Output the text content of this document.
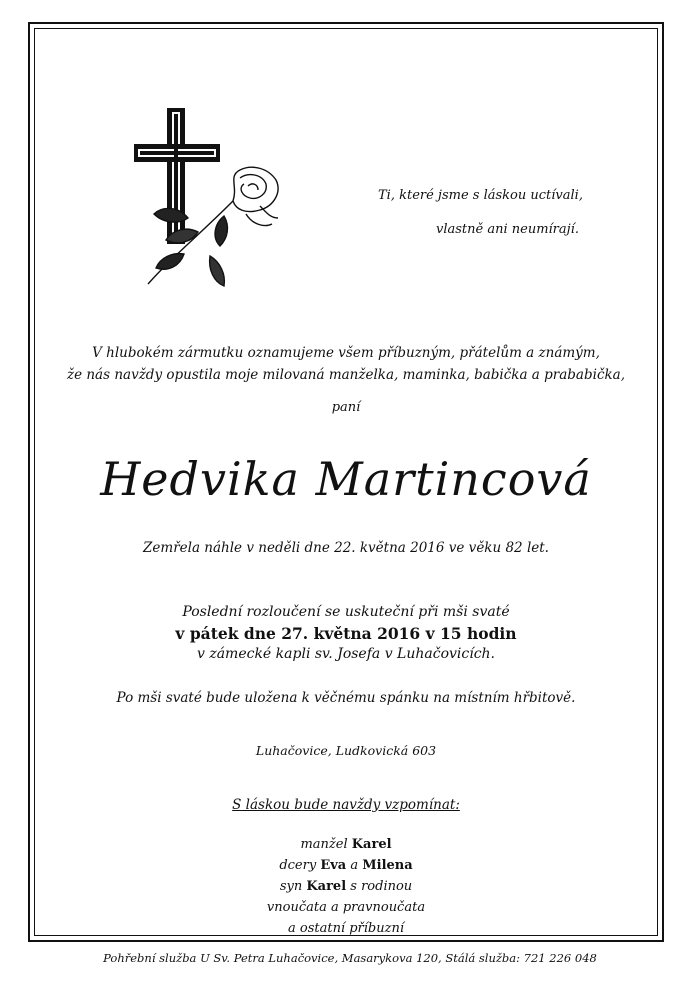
Ti, které jsme s láskou uctívali,
vlastně ani neumírají.
V hlubokém zármutku oznamujeme všem příbuzným, přátelům a známým,
že nás navždy opustila moje milovaná manželka, maminka, babička a prababička,
paní
Hedvika Martincová
Zemřela náhle v neděli dne 22. května 2016 ve věku 82 let.
Poslední rozloučení se uskuteční při mši svaté
v pátek dne 27. května 2016 v 15 hodin
v zámecké kapli sv. Josefa v Luhačovicích.
Po mši svaté bude uložena k věčnému spánku na místním hřbitově.
Luhačovice, Ludkovická 603
S láskou bude navždy vzpomínat:
manžel Karel
dcery Eva a Milena
syn Karel s rodinou
vnoučata a pravnoučata
a ostatní příbuzní
Pohřební služba U Sv. Petra Luhačovice, Masarykova 120, Stálá služba: 721 226 048
